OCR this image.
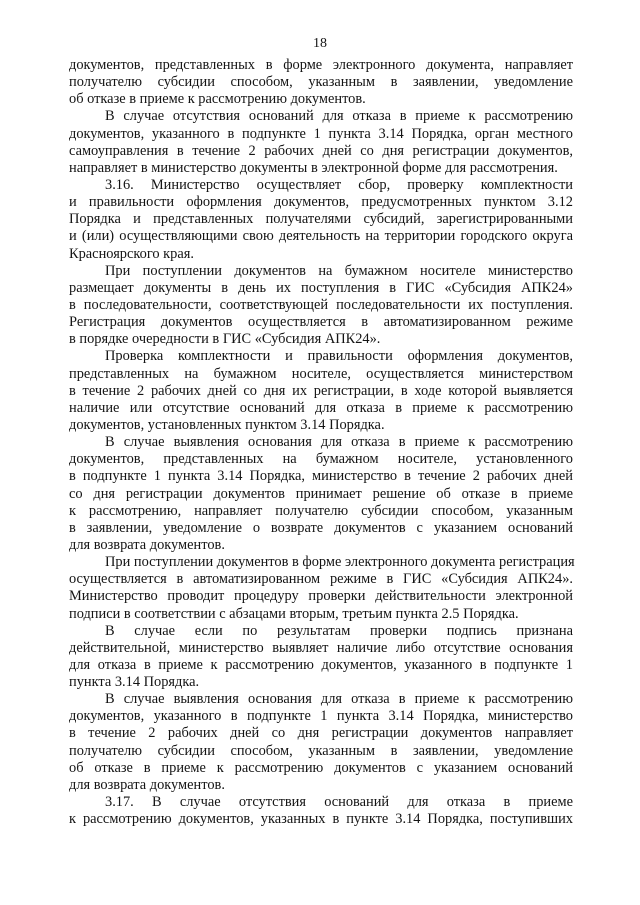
18

документов, представленных в форме электронного документа, направляет
получателю субсидии способом, указанным в заявлении, уведомление
об отказе в приеме к рассмотрению документов.

В случае отсутствия оснований для отказа в приеме к рассмотрению
документов, указанного в подпункте 1 пункта 3.14 Порядка, орган местного
самоуправления в течение 2 рабочих дней со дня регистрации документов,
направляет в министерство документы в электронной форме для рассмотрения.

3.16. Министерство осуществляет сбор, проверку комплектности
и правильности оформления документов, предусмотренных пунктом 3.12
Порядка и представленных получателями субсидий, зарегистрированными
и (или) осуществляющими свою деятельность на территории городского округа
Красноярского края.

При поступлении документов на бумажном носителе министерство
размещает документы в день их поступления в ГИС «Субсидия АПК24»
в последовательности, соответствующей последовательности их поступления.
Регистрация документов осуществляется в автоматизированном режиме
в порядке очередности в ГИС «Субсидия АПК24».

Проверка комплектности и правильности оформления документов,
представленных на бумажном носителе, осуществляется министерством
в течение 2 рабочих дней со дня их регистрации, в ходе которой выявляется
наличие или отсутствие оснований для отказа в приеме к рассмотрению
документов, установленных пунктом 3.14 Порядка.

В случае выявления основания для отказа в приеме к рассмотрению
документов, представленных на бумажном носителе, установленного
в подпункте 1 пункта 3.14 Порядка, министерство в течение 2 рабочих дней
со дня регистрации документов принимает решение об отказе в приеме
к рассмотрению, направляет получателю субсидии способом, указанным
в заявлении, уведомление о возврате документов с указанием оснований
для возврата документов.

При поступлении документов в форме электронного документа регистрация
осуществляется в автоматизированном режиме в ГИС «Субсидия АПК24».
Министерство проводит процедуру проверки действительности электронной
подписи в соответствии с абзацами вторым, третьим пункта 2.5 Порядка.

В случае если по результатам проверки подпись признана
действительной, министерство выявляет наличие либо отсутствие основания
для отказа в приеме к рассмотрению документов, указанного в подпункте 1
пункта 3.14 Порядка.

В случае выявления основания для отказа в приеме к рассмотрению
документов, указанного в подпункте 1 пункта 3.14 Порядка, министерство
в течение 2 рабочих дней со дня регистрации документов направляет
получателю субсидии способом, указанным в заявлении, уведомление
об отказе в приеме к рассмотрению документов с указанием оснований
для возврата документов.

3.17. В случае отсутствия оснований для отказа в приеме
к рассмотрению документов, указанных в пункте 3.14 Порядка, поступивших
